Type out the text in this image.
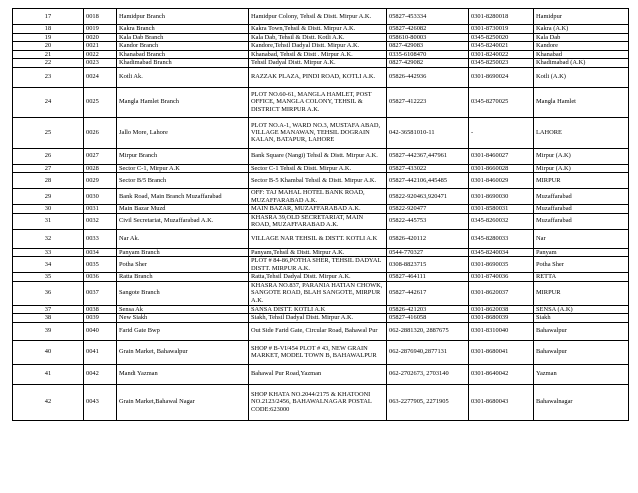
17	0018	Hamidpur Branch	Hamidpur Colony, Tehsil & Distt. Mirpur A.K.	05827-453334	0301-8280018	Hamidpur
18	0019	Kakra Branch	Kakra Town,Tehsil & Distt. Mirpur A.K.	05827-426082	0301-8730019	Kakra (A.K)
19	0020	Kala Dab Branch	Kala Dab, Tehsil & Distt. Kotli A.K.	058610-80003	0345-8250020	Kala Dab
20	0021	Kandor Branch	Kandore,Tehsil Dadyal Distt. Mirpur A.K.	0827-429083	0345-8240021	Kandore
21	0022	Khanabad Branch	Khanabad, Tehsil & Distt . Mirpur A.K.	0335-6108470	0301-8240022	Khanabad
22	0023	Khadimabad Branch	Tehsil Dadyal Distt. Mirpur A.K.	0827-429082	0345-8250023	Khadimabad (A.K)
23	0024	Kotli Ak.	RAZZAK PLAZA, PINDI ROAD, KOTLI A.K.	05826-442936	0301-8690024	Kotli (A.K)
24	0025	Mangla Hamlet Branch	PLOT NO.60-61, MANGLA HAMLET, POST OFFICE, MANGLA COLONY, TEHSIL & DISTRICT MIRPUR A.K.	05827-412223	0345-8270025	Mangla Hamlet
25	0026	Jallo More, Lahore	PLOT NO.A-1, WARD NO.3, MUSTAFA ABAD, VILLAGE MANAWAN, TEHSIL DOGRAIN KALAN, BATAPUR, LAHORE	042-36581010-11	-	LAHORE
26	0027	Mirpur Branch	Bank Square (Nangi) Tehsil & Distt. Mirpur A.K.	05827-442367,447961	0301-8460027	Mirpur (A.K)
27	0028	Sector C-1, Mirpur A.K	Sector C-1 Tehsil & Distt. Mirpur A.K.	05827-433022	0301-8660028	Mirpur (A.K)
28	0029	Sector B/5 Branch	Sector B-5 Khambal Tehsil & Distt. Mirpur A.K.	05827-442106,445485	0301-8460029	MIRPUR
29	0030	Bank Road, Main Branch Muzaffarabad	OFF: TAJ MAHAL HOTEL BANK ROAD, MUZAFFARABAD A.K.	05822-920463,920471	0301-8690030	Muzaffarabad
30	0031	Main Bazar Muzd	MAIN BAZAR, MUZAFFARABAD A.K.	05822-920477	0301-8580031	Muzaffarabad
31	0032	Civil Secretariat, Muzaffarabad A.K.	KHASRA 39,OLD SECRETARIAT, MAIN ROAD, MUZAFFARABAD A.K.	05822-445753	0345-8260032	Muzaffarabad
32	0033	Nar Ak.	VILLAGE NAR TEHSIL & DISTT. KOTLI A.K	05826-420112	0345-8280033	Nar
33	0034	Panyam Branch	Panyam,Tehsil & Distt. Mirpur A.K.	0544-770327	0345-8240034	Panyam
34	0035	Potha Sher	PLOT # 84-86,POTHA SHER, TEHSIL DADYAL DISTT. MIRPUR A.K.	0308-8823715	0301-8690035	Potha Sher
35	0036	Ratta Branch	Ratta,Tehsil Dadyal Distt. Mirpur A.K.	05827-464111	0301-8740036	RETTA
36	0037	Sangote Branch	KHASRA NO.837, PARANIA HATIAN CHOWK, SANGOTE ROAD, BLAH SANGOTE, MIRPUR A.K.	05827-442617	0301-8620037	MIRPUR
37	0038	Sensa Ak	SANSA DISTT. KOTLI A.K	05826-421203	0301-8620038	SENSA (A.K)
38	0039	New Siakh	Siakh, Tehsil Dadyal Distt. Mirpur A.K.	05827-416058	0301-8680039	Siakh
39	0040	Farid Gate Bwp	Out Side Farid Gate, Circular Road, Bahawal Pur	062-2881320, 2887675	0301-8310040	Bahawalpur
40	0041	Grain Market, Bahawalpur	SHOP # B-VI/454 PLOT # 43, NEW GRAIN MARKET, MODEL TOWN B, BAHAWALPUR	062-2876940,2877131	0301-8680041	Bahawalpur
41	0042	Mandi Yazman	Bahawal Pur Road,Yazman	062-2702673, 2703140	0301-8640042	Yazman
42	0043	Grain Market,Bahawal Nagar	SHOP KHATA NO.2044/2175 & KHATOONI NO.2123/2456, BAHAWALNAGAR POSTAL CODE:623000	063-2277905, 2271905	0301-8680043	Bahawalnagar
